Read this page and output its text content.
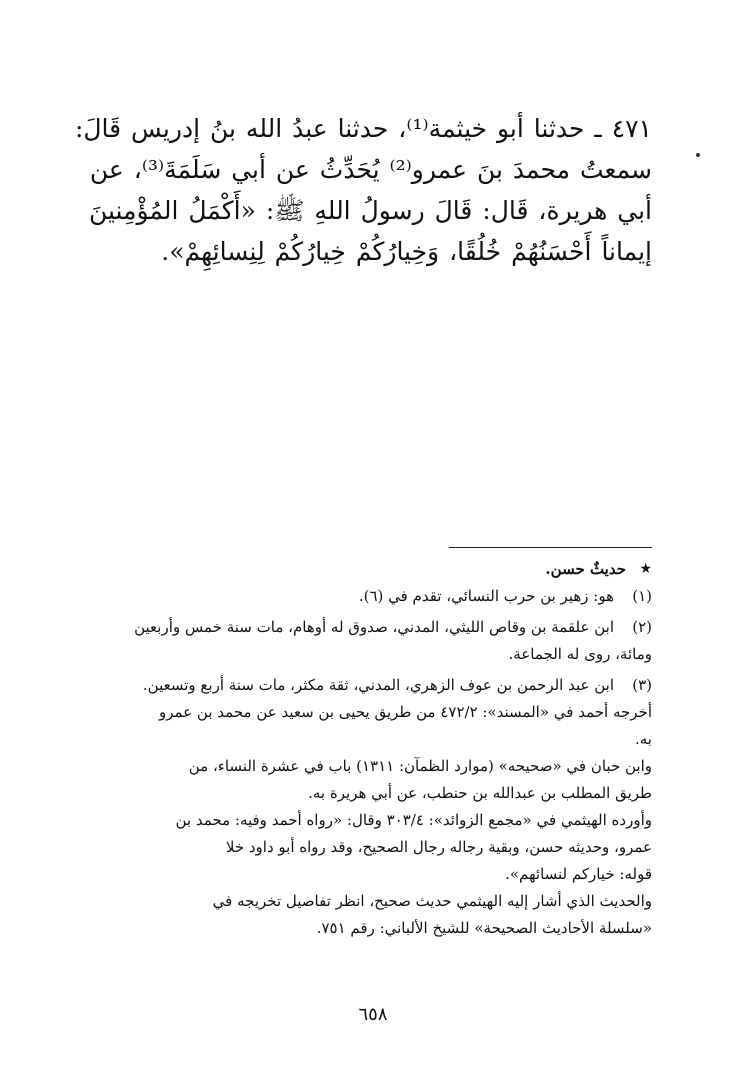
٤٧١ ـ حدثنا أبو خيثمة⁽¹⁾، حدثنا عبدُ الله بنُ إدريس قَالَ:

سمعتُ محمدَ بنَ عمرو⁽²⁾ يُحَدِّثُ عن أبي سَلَمَةَ⁽³⁾، عن

أبي هريرة، قَال: قَالَ رسولُ اللهِ ﷺ: «أَكْمَلُ المُؤْمِنينَ

إيماناً أَحْسَنُهُمْ خُلُقًا، وَخِيارُكُمْ خِيارُكُمْ لِنِسائِهِمْ».

★
حديثٌ حسن.
(١)
هو: زهير بن حرب النسائي، تقدم في (٦).
(٢)
ابن علقمة بن وقاص الليثي، المدني، صدوق له أوهام، مات سنة خمس وأربعين
ومائة، روى له الجماعة.
(٣)
ابن عبد الرحمن بن عوف الزهري، المدني، ثقة مكثر، مات سنة أربع وتسعين.
أخرجه أحمد في «المسند»: ٤٧٢/٢ من طريق يحيى بن سعيد عن محمد بن عمرو
به.
وابن حبان في «صحيحه» (موارد الظمآن: ١٣١١) باب في عشرة النساء، من
طريق المطلب بن عبدالله بن حنطب، عن أبي هريرة به.
وأورده الهيثمي في «مجمع الزوائد»: ٣٠٣/٤ وقال: «رواه أحمد وفيه: محمد بن
عمرو، وحديثه حسن، وبقية رجاله رجال الصحيح، وقد رواه أبو داود خلا
قوله: خياركم لنسائهم».
والحديث الذي أشار إليه الهيثمي حديث صحيح، انظر تفاصيل تخريجه في
«سلسلة الأحاديث الصحيحة» للشيخ الألباني: رقم ٧٥١.
٦٥٨
